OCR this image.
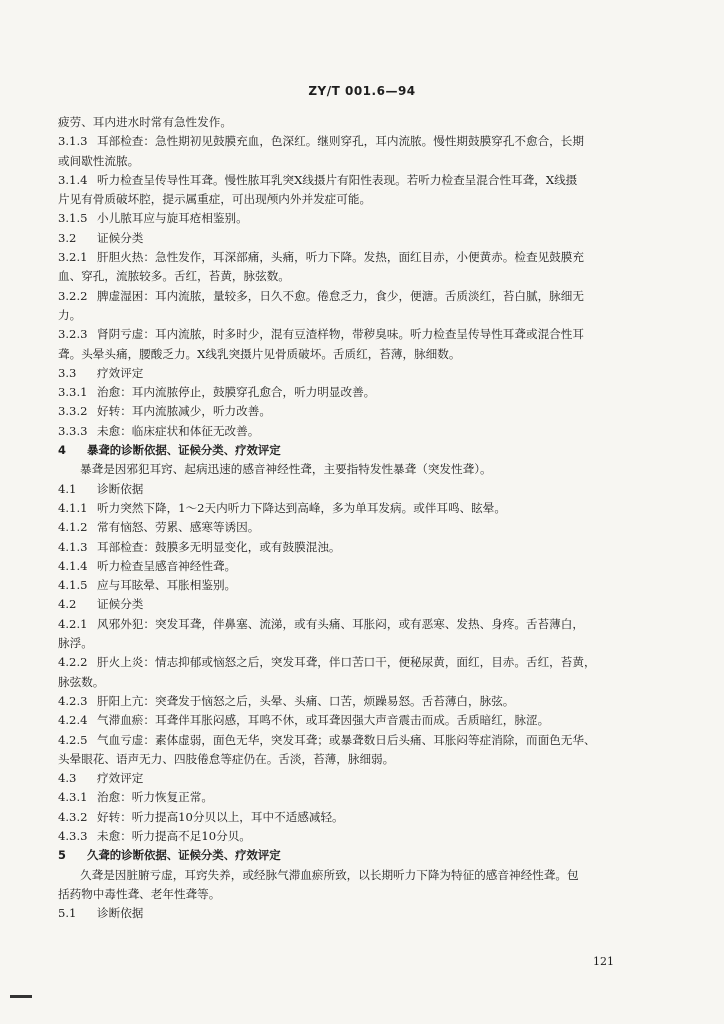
ZY/T 001.6—94
疲劳、耳内进水时常有急性发作。
3.1.3 耳部检查：急性期初见鼓膜充血，色深红。继则穿孔，耳内流脓。慢性期鼓膜穿孔不愈合，长期
或间歇性流脓。
3.1.4 听力检查呈传导性耳聋。慢性脓耳乳突X线摄片有阳性表现。若听力检查呈混合性耳聋，X线摄
片见有骨质破坏腔，提示属重症，可出现颅内外并发症可能。
3.1.5 小儿脓耳应与旋耳疮相鉴别。
3.2 证候分类
3.2.1 肝胆火热：急性发作，耳深部痛，头痛，听力下降。发热，面红目赤，小便黄赤。检查见鼓膜充
血、穿孔，流脓较多。舌红，苔黄，脉弦数。
3.2.2 脾虚湿困：耳内流脓，量较多，日久不愈。倦怠乏力，食少，便溏。舌质淡红，苔白腻，脉细无
力。
3.2.3 肾阴亏虚：耳内流脓，时多时少，混有豆渣样物，带秽臭味。听力检查呈传导性耳聋或混合性耳
聋。头晕头痛，腰酸乏力。X线乳突摄片见骨质破坏。舌质红，苔薄，脉细数。
3.3 疗效评定
3.3.1 治愈：耳内流脓停止，鼓膜穿孔愈合，听力明显改善。
3.3.2 好转：耳内流脓减少，听力改善。
3.3.3 未愈：临床症状和体征无改善。
4 暴聋的诊断依据、证候分类、疗效评定
暴聋是因邪犯耳窍、起病迅速的感音神经性聋，主要指特发性暴聋（突发性聋）。
4.1 诊断依据
4.1.1 听力突然下降，1～2天内听力下降达到高峰，多为单耳发病。或伴耳鸣、眩晕。
4.1.2 常有恼怒、劳累、感寒等诱因。
4.1.3 耳部检查：鼓膜多无明显变化，或有鼓膜混浊。
4.1.4 听力检查呈感音神经性聋。
4.1.5 应与耳眩晕、耳胀相鉴别。
4.2 证候分类
4.2.1 风邪外犯：突发耳聋，伴鼻塞、流涕，或有头痛、耳胀闷，或有恶寒、发热、身疼。舌苔薄白，
脉浮。
4.2.2 肝火上炎：情志抑郁或恼怒之后，突发耳聋，伴口苦口干，便秘尿黄，面红，目赤。舌红，苔黄，
脉弦数。
4.2.3 肝阳上亢：突聋发于恼怒之后，头晕、头痛、口苦，烦躁易怒。舌苔薄白，脉弦。
4.2.4 气滞血瘀：耳聋伴耳胀闷感，耳鸣不休，或耳聋因强大声音震击而成。舌质暗红，脉涩。
4.2.5 气血亏虚：素体虚弱，面色无华，突发耳聋；或暴聋数日后头痛、耳胀闷等症消除，而面色无华、
头晕眼花、语声无力、四肢倦怠等症仍在。舌淡，苔薄，脉细弱。
4.3 疗效评定
4.3.1 治愈：听力恢复正常。
4.3.2 好转：听力提高10分贝以上，耳中不适感减轻。
4.3.3 未愈：听力提高不足10分贝。
5 久聋的诊断依据、证候分类、疗效评定
久聋是因脏腑亏虚，耳窍失养，或经脉气滞血瘀所致，以长期听力下降为特征的感音神经性聋。包
括药物中毒性聋、老年性聋等。
5.1 诊断依据
121
